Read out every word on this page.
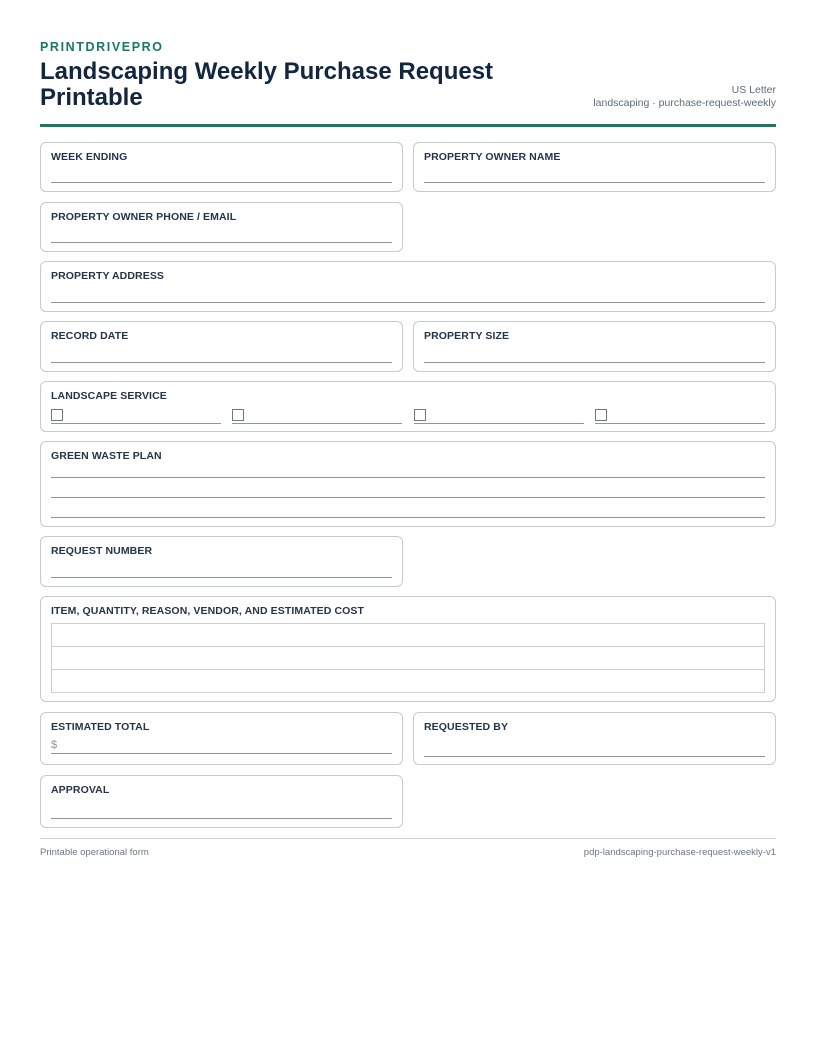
PRINTDRIVEPRO
Landscaping Weekly Purchase Request Printable	US Letter
landscaping · purchase-request-weekly
WEEK ENDING	PROPERTY OWNER NAME
PROPERTY OWNER PHONE / EMAIL
PROPERTY ADDRESS
RECORD DATE	PROPERTY SIZE
LANDSCAPE SERVICE
GREEN WASTE PLAN
REQUEST NUMBER
ITEM, QUANTITY, REASON, VENDOR, AND ESTIMATED COST

ESTIMATED TOTAL
$
REQUESTED BY
APPROVAL
Printable operational form	pdp-landscaping-purchase-request-weekly-v1
